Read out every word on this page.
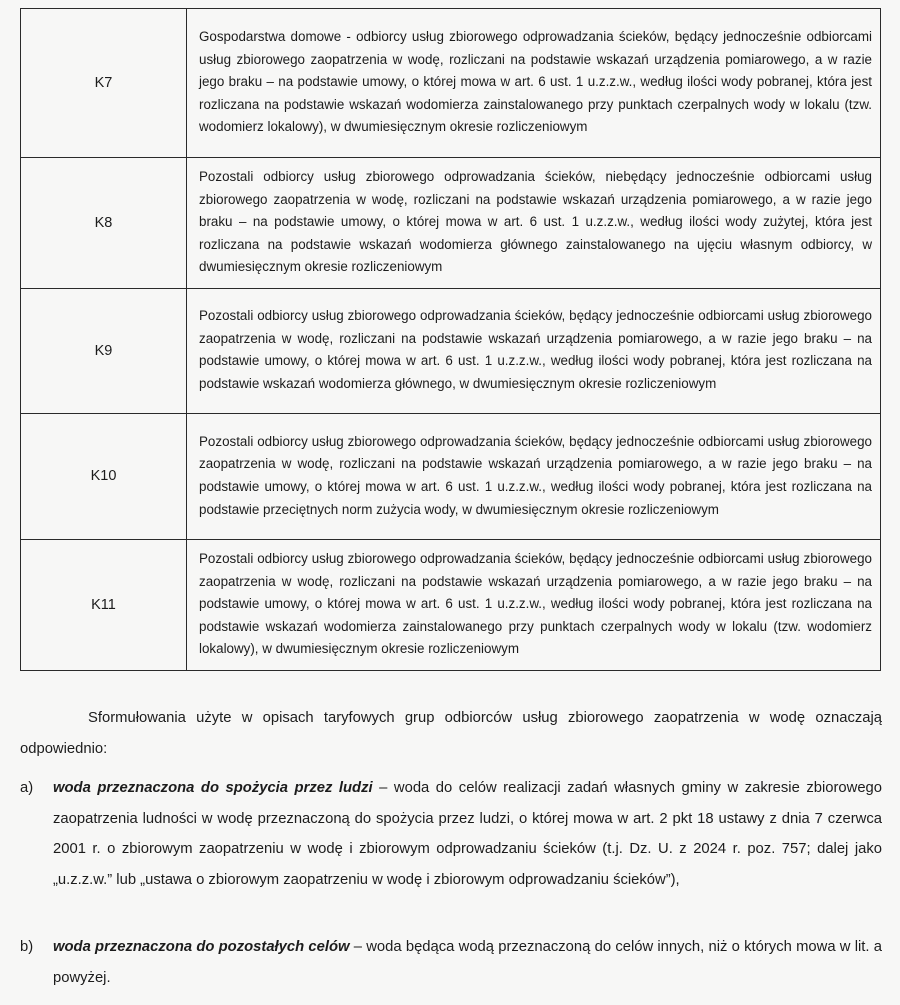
K7	Gospodarstwa domowe - odbiorcy usług zbiorowego odprowadzania ścieków, będący jednocześnie odbiorcami usług zbiorowego zaopatrzenia w wodę, rozliczani na podstawie wskazań urządzenia pomiarowego, a w razie jego braku – na podstawie umowy, o której mowa w art. 6 ust. 1 u.z.z.w., według ilości wody pobranej, która jest rozliczana na podstawie wskazań wodomierza zainstalowanego przy punktach czerpalnych wody w lokalu (tzw. wodomierz lokalowy), w dwumiesięcznym okresie rozliczeniowym
K8	Pozostali odbiorcy usług zbiorowego odprowadzania ścieków, niebędący jednocześnie odbiorcami usług zbiorowego zaopatrzenia w wodę, rozliczani na podstawie wskazań urządzenia pomiarowego, a w razie jego braku – na podstawie umowy, o której mowa w art. 6 ust. 1 u.z.z.w., według ilości wody zużytej, która jest rozliczana na podstawie wskazań wodomierza głównego zainstalowanego na ujęciu własnym odbiorcy, w dwumiesięcznym okresie rozliczeniowym
K9	Pozostali odbiorcy usług zbiorowego odprowadzania ścieków, będący jednocześnie odbiorcami usług zbiorowego zaopatrzenia w wodę, rozliczani na podstawie wskazań urządzenia pomiarowego, a w razie jego braku – na podstawie umowy, o której mowa w art. 6 ust. 1 u.z.z.w., według ilości wody pobranej, która jest rozliczana na podstawie wskazań wodomierza głównego, w dwumiesięcznym okresie rozliczeniowym
K10	Pozostali odbiorcy usług zbiorowego odprowadzania ścieków, będący jednocześnie odbiorcami usług zbiorowego zaopatrzenia w wodę, rozliczani na podstawie wskazań urządzenia pomiarowego, a w razie jego braku – na podstawie umowy, o której mowa w art. 6 ust. 1 u.z.z.w., według ilości wody pobranej, która jest rozliczana na podstawie przeciętnych norm zużycia wody, w dwumiesięcznym okresie rozliczeniowym
K11	Pozostali odbiorcy usług zbiorowego odprowadzania ścieków, będący jednocześnie odbiorcami usług zbiorowego zaopatrzenia w wodę, rozliczani na podstawie wskazań urządzenia pomiarowego, a w razie jego braku – na podstawie umowy, o której mowa w art. 6 ust. 1 u.z.z.w., według ilości wody pobranej, która jest rozliczana na podstawie wskazań wodomierza zainstalowanego przy punktach czerpalnych wody w lokalu (tzw. wodomierz lokalowy), w dwumiesięcznym okresie rozliczeniowym

Sformułowania użyte w opisach taryfowych grup odbiorców usług zbiorowego zaopatrzenia w wodę oznaczają odpowiednio:

a) woda przeznaczona do spożycia przez ludzi – woda do celów realizacji zadań własnych gminy w zakresie zbiorowego zaopatrzenia ludności w wodę przeznaczoną do spożycia przez ludzi, o której mowa w art. 2 pkt 18 ustawy z dnia 7 czerwca 2001 r. o zbiorowym zaopatrzeniu w wodę i zbiorowym odprowadzaniu ścieków (t.j. Dz. U. z 2024 r. poz. 757; dalej jako „u.z.z.w.” lub „ustawa o zbiorowym zaopatrzeniu w wodę i zbiorowym odprowadzaniu ścieków”),
b) woda przeznaczona do pozostałych celów – woda będąca wodą przeznaczoną do celów innych, niż o których mowa w lit. a powyżej.
